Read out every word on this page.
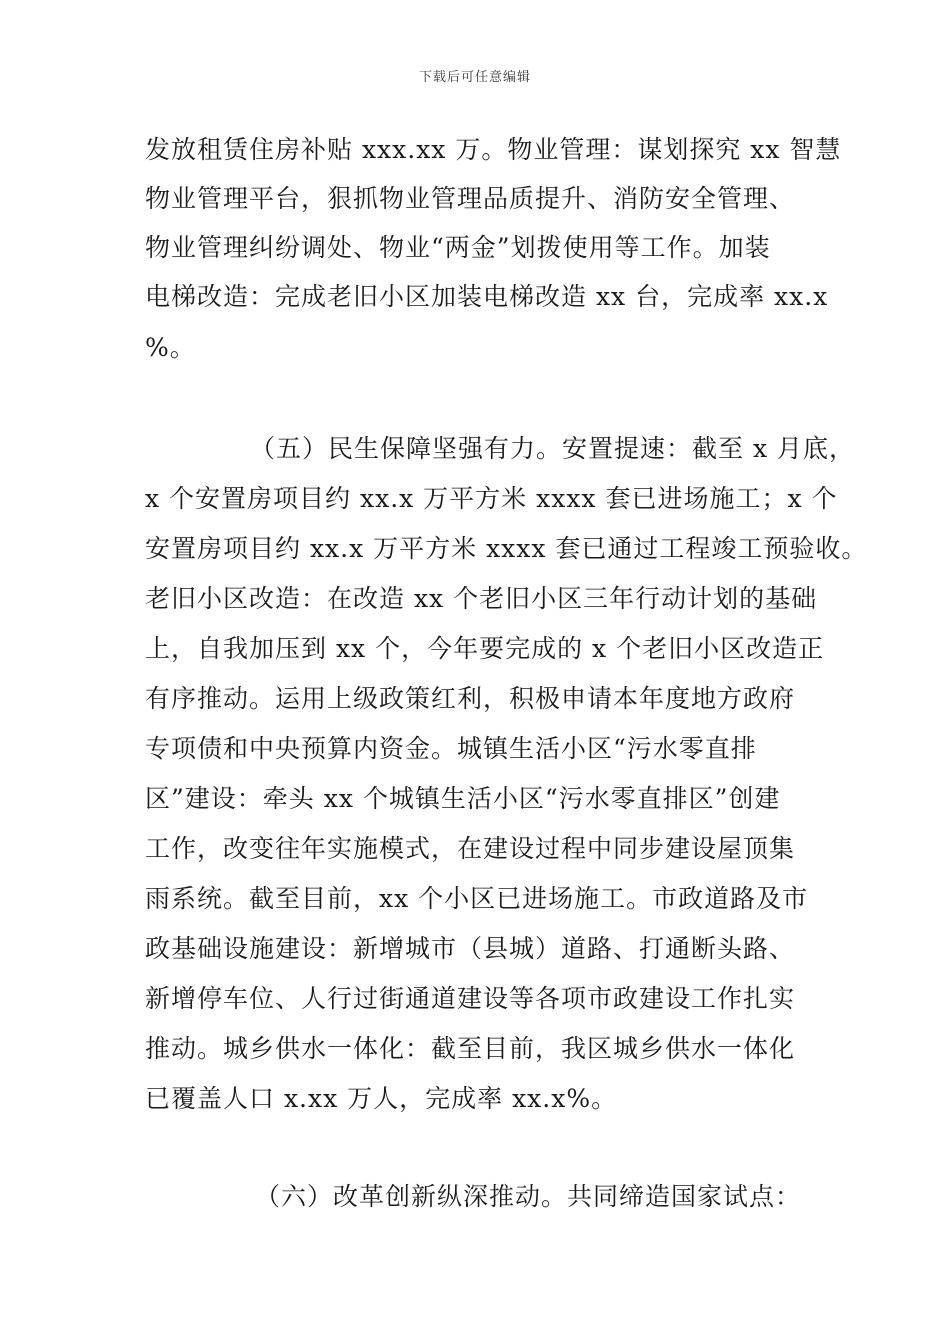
下载后可任意编辑
发放租赁住房补贴 xxx.xx 万。物业管理：谋划探究 xx 智慧
物业管理平台，狠抓物业管理品质提升、消防安全管理、
物业管理纠纷调处、物业“两金”划拨使用等工作。加装
电梯改造：完成老旧小区加装电梯改造 xx 台，完成率 xx.x
%。
（五）民生保障坚强有力。安置提速：截至 x 月底，
x 个安置房项目约 xx.x 万平方米 xxxx 套已进场施工；x 个
安置房项目约 xx.x 万平方米 xxxx 套已通过工程竣工预验收。
老旧小区改造：在改造 xx 个老旧小区三年行动计划的基础
上，自我加压到 xx 个，今年要完成的 x 个老旧小区改造正
有序推动。运用上级政策红利，积极申请本年度地方政府
专项债和中央预算内资金。城镇生活小区“污水零直排
区”建设：牵头 xx 个城镇生活小区“污水零直排区”创建
工作，改变往年实施模式，在建设过程中同步建设屋顶集
雨系统。截至目前，xx 个小区已进场施工。市政道路及市
政基础设施建设：新增城市（县城）道路、打通断头路、
新增停车位、人行过街通道建设等各项市政建设工作扎实
推动。城乡供水一体化：截至目前，我区城乡供水一体化
已覆盖人口 x.xx 万人，完成率 xx.x%。
（六）改革创新纵深推动。共同缔造国家试点：
